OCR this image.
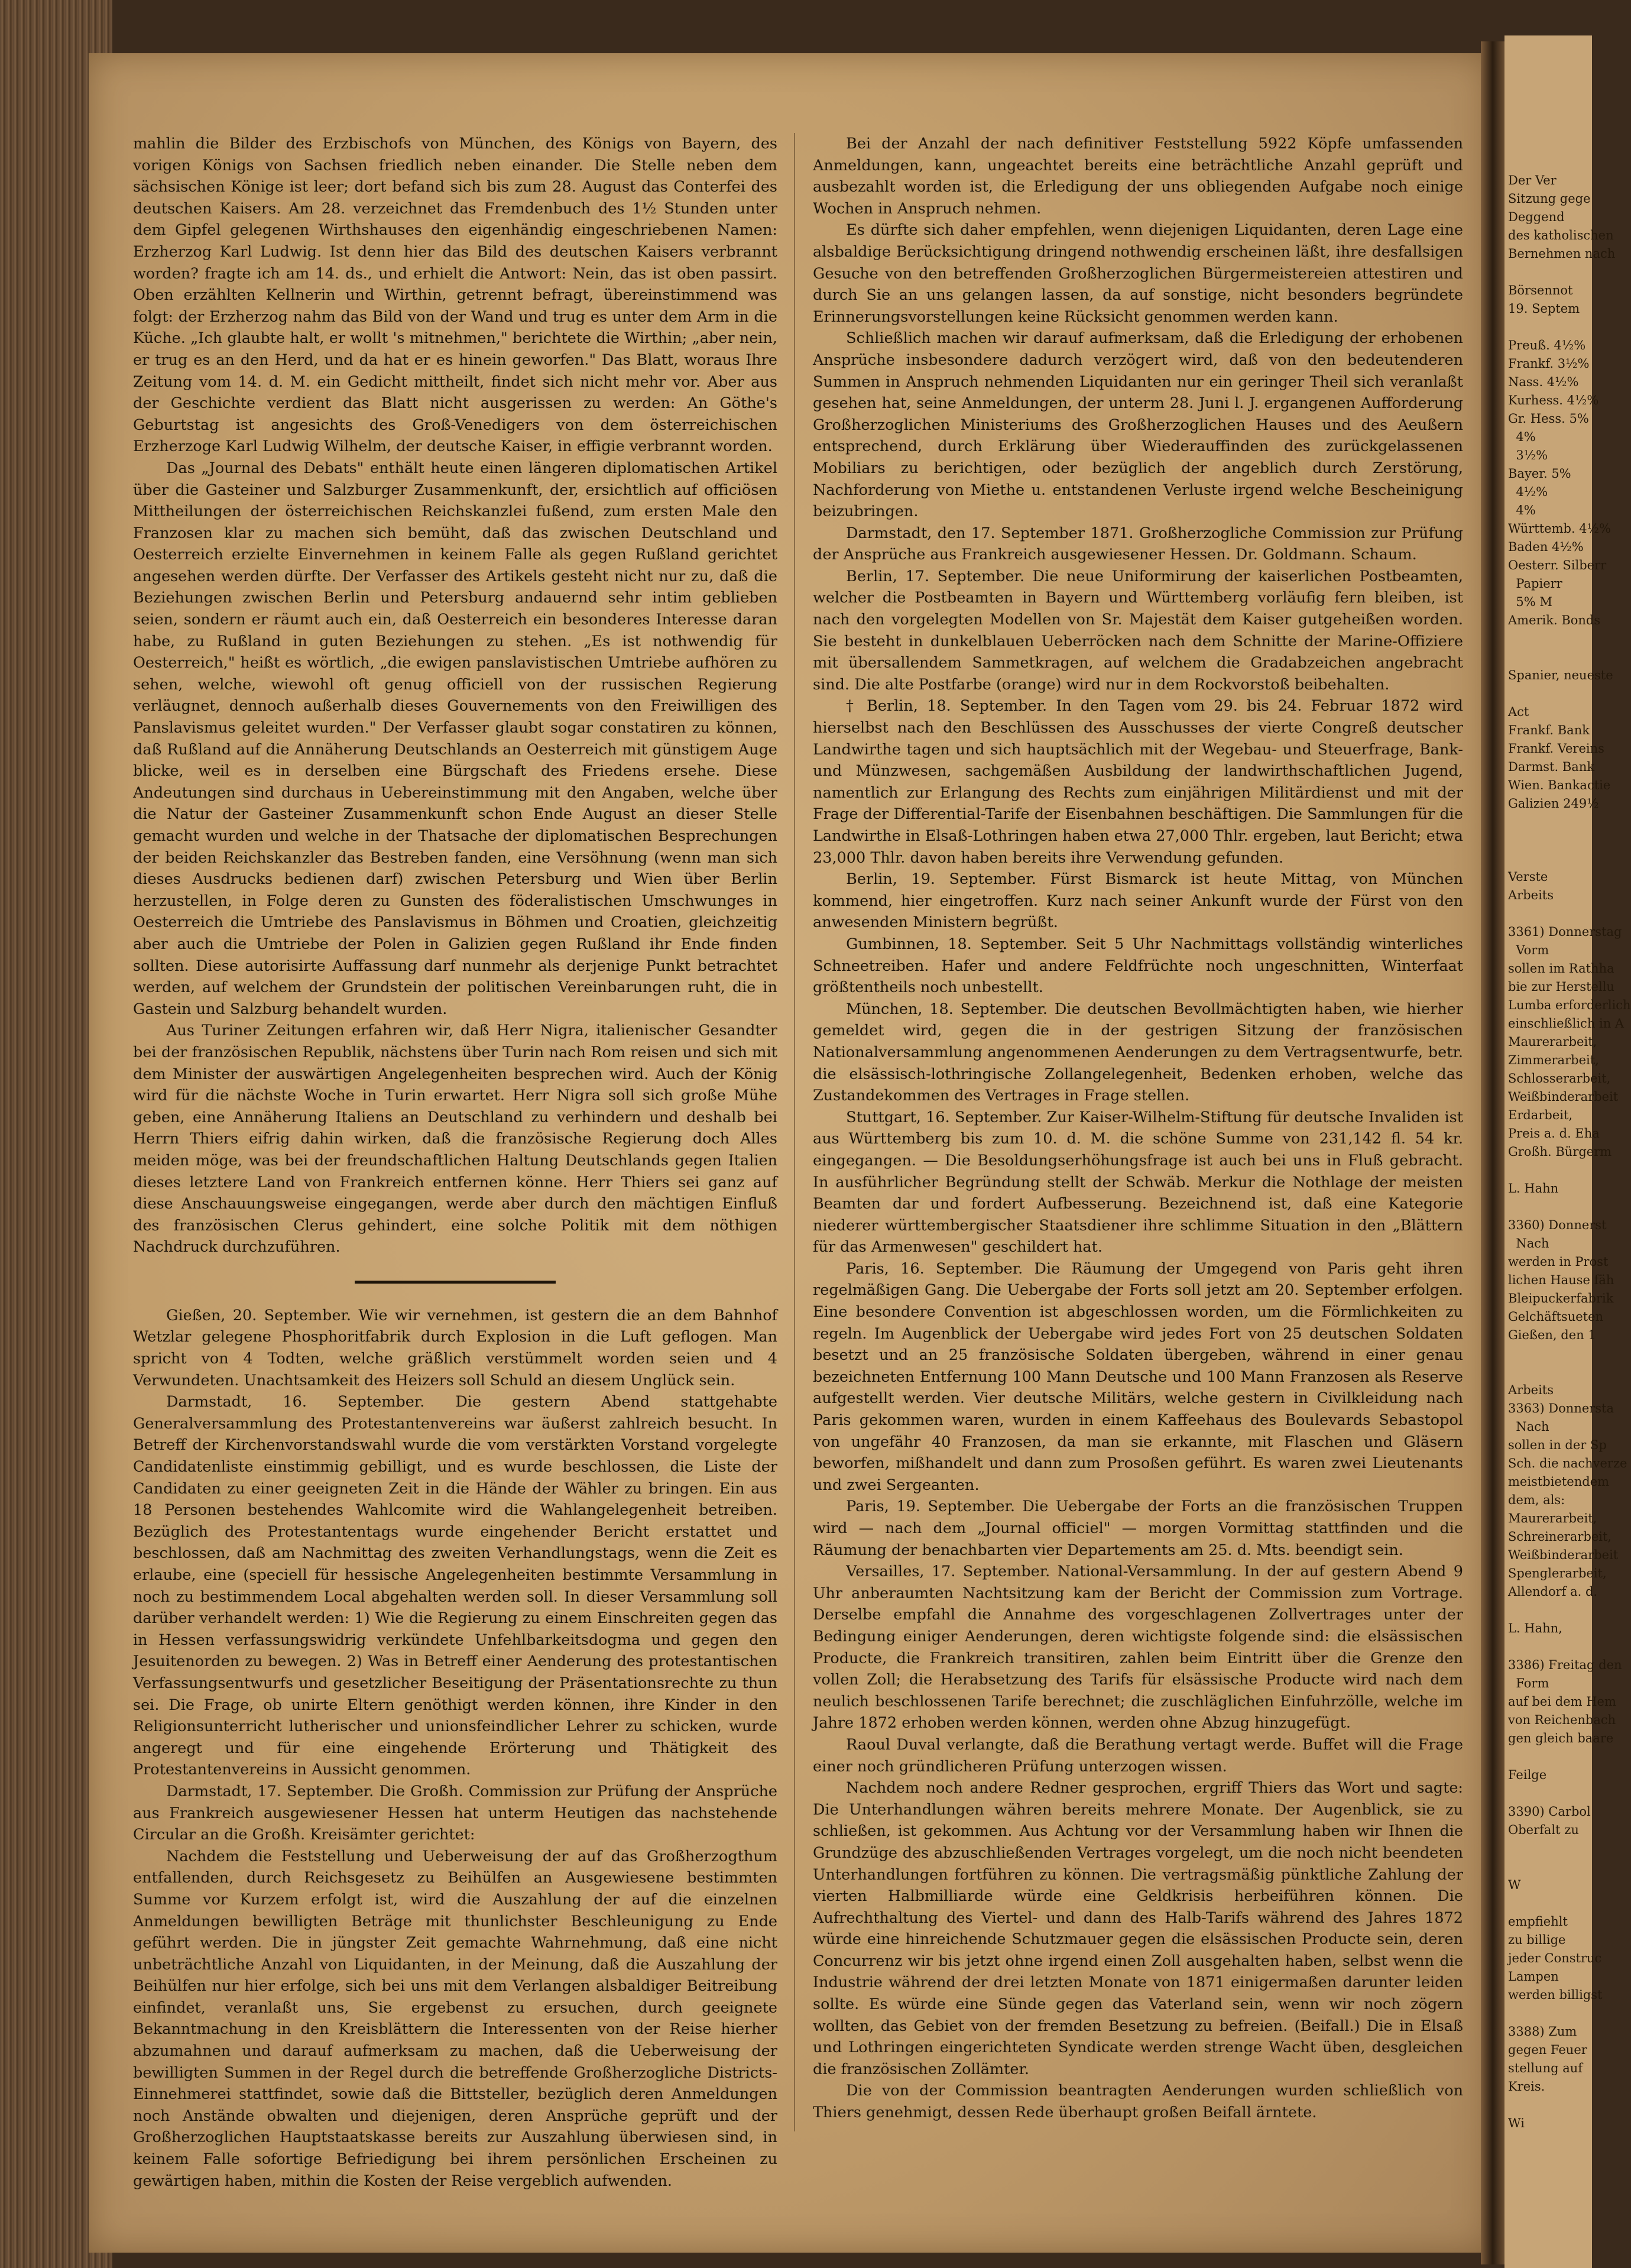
mahlin die Bilder des Erzbischofs von München, des Königs von Bayern, des vorigen Königs von Sachsen friedlich neben einander. Die Stelle neben dem sächsischen Könige ist leer; dort befand sich bis zum 28. August das Conterfei des deutschen Kaisers. Am 28. verzeichnet das Fremdenbuch des 1½ Stunden unter dem Gipfel gelegenen Wirthshauses den eigenhändig eingeschriebenen Namen: Erzherzog Karl Ludwig. Ist denn hier das Bild des deutschen Kaisers verbrannt worden? fragte ich am 14. ds., und erhielt die Antwort: Nein, das ist oben passirt. Oben erzählten Kellnerin und Wirthin, getrennt befragt, übereinstimmend was folgt: der Erzherzog nahm das Bild von der Wand und trug es unter dem Arm in die Küche. „Ich glaubte halt, er wollt 's mitnehmen," berichtete die Wirthin; „aber nein, er trug es an den Herd, und da hat er es hinein geworfen." Das Blatt, woraus Ihre Zeitung vom 14. d. M. ein Gedicht mittheilt, findet sich nicht mehr vor. Aber aus der Geschichte verdient das Blatt nicht ausgerissen zu werden: An Göthe's Geburtstag ist angesichts des Groß-Venedigers von dem österreichischen Erzherzoge Karl Ludwig Wilhelm, der deutsche Kaiser, in effigie verbrannt worden.

Das „Journal des Debats" enthält heute einen längeren diplomatischen Artikel über die Gasteiner und Salzburger Zusammenkunft, der, ersichtlich auf officiösen Mittheilungen der österreichischen Reichskanzlei fußend, zum ersten Male den Franzosen klar zu machen sich bemüht, daß das zwischen Deutschland und Oesterreich erzielte Einvernehmen in keinem Falle als gegen Rußland gerichtet angesehen werden dürfte. Der Verfasser des Artikels gesteht nicht nur zu, daß die Beziehungen zwischen Berlin und Petersburg andauernd sehr intim geblieben seien, sondern er räumt auch ein, daß Oesterreich ein besonderes Interesse daran habe, zu Rußland in guten Beziehungen zu stehen. „Es ist nothwendig für Oesterreich," heißt es wörtlich, „die ewigen panslavistischen Umtriebe aufhören zu sehen, welche, wiewohl oft genug officiell von der russischen Regierung verläugnet, dennoch außerhalb dieses Gouvernements von den Freiwilligen des Panslavismus geleitet wurden." Der Verfasser glaubt sogar constatiren zu können, daß Rußland auf die Annäherung Deutschlands an Oesterreich mit günstigem Auge blicke, weil es in derselben eine Bürgschaft des Friedens ersehe. Diese Andeutungen sind durchaus in Uebereinstimmung mit den Angaben, welche über die Natur der Gasteiner Zusammenkunft schon Ende August an dieser Stelle gemacht wurden und welche in der Thatsache der diplomatischen Besprechungen der beiden Reichskanzler das Bestreben fanden, eine Versöhnung (wenn man sich dieses Ausdrucks bedienen darf) zwischen Petersburg und Wien über Berlin herzustellen, in Folge deren zu Gunsten des föderalistischen Umschwunges in Oesterreich die Umtriebe des Panslavismus in Böhmen und Croatien, gleichzeitig aber auch die Umtriebe der Polen in Galizien gegen Rußland ihr Ende finden sollten. Diese autorisirte Auffassung darf nunmehr als derjenige Punkt betrachtet werden, auf welchem der Grundstein der politischen Vereinbarungen ruht, die in Gastein und Salzburg behandelt wurden.

Aus Turiner Zeitungen erfahren wir, daß Herr Nigra, italienischer Gesandter bei der französischen Republik, nächstens über Turin nach Rom reisen und sich mit dem Minister der auswärtigen Angelegenheiten besprechen wird. Auch der König wird für die nächste Woche in Turin erwartet. Herr Nigra soll sich große Mühe geben, eine Annäherung Italiens an Deutschland zu verhindern und deshalb bei Herrn Thiers eifrig dahin wirken, daß die französische Regierung doch Alles meiden möge, was bei der freundschaftlichen Haltung Deutschlands gegen Italien dieses letztere Land von Frankreich entfernen könne. Herr Thiers sei ganz auf diese Anschauungsweise eingegangen, werde aber durch den mächtigen Einfluß des französischen Clerus gehindert, eine solche Politik mit dem nöthigen Nachdruck durchzuführen.

Gießen, 20. September. Wie wir vernehmen, ist gestern die an dem Bahnhof Wetzlar gelegene Phosphoritfabrik durch Explosion in die Luft geflogen. Man spricht von 4 Todten, welche gräßlich verstümmelt worden seien und 4 Verwundeten. Unachtsamkeit des Heizers soll Schuld an diesem Unglück sein.

Darmstadt, 16. September. Die gestern Abend stattgehabte Generalversammlung des Protestantenvereins war äußerst zahlreich besucht. In Betreff der Kirchenvorstandswahl wurde die vom verstärkten Vorstand vorgelegte Candidatenliste einstimmig gebilligt, und es wurde beschlossen, die Liste der Candidaten zu einer geeigneten Zeit in die Hände der Wähler zu bringen. Ein aus 18 Personen bestehendes Wahlcomite wird die Wahlangelegenheit betreiben. Bezüglich des Protestantentags wurde eingehender Bericht erstattet und beschlossen, daß am Nachmittag des zweiten Verhandlungstags, wenn die Zeit es erlaube, eine (speciell für hessische Angelegenheiten bestimmte Versammlung in noch zu bestimmendem Local abgehalten werden soll. In dieser Versammlung soll darüber verhandelt werden: 1) Wie die Regierung zu einem Einschreiten gegen das in Hessen verfassungswidrig verkündete Unfehlbarkeitsdogma und gegen den Jesuitenorden zu bewegen. 2) Was in Betreff einer Aenderung des protestantischen Verfassungsentwurfs und gesetzlicher Beseitigung der Präsentationsrechte zu thun sei. Die Frage, ob unirte Eltern genöthigt werden können, ihre Kinder in den Religionsunterricht lutherischer und unionsfeindlicher Lehrer zu schicken, wurde angeregt und für eine eingehende Erörterung und Thätigkeit des Protestantenvereins in Aussicht genommen.

Darmstadt, 17. September. Die Großh. Commission zur Prüfung der Ansprüche aus Frankreich ausgewiesener Hessen hat unterm Heutigen das nachstehende Circular an die Großh. Kreisämter gerichtet:

Nachdem die Feststellung und Ueberweisung der auf das Großherzogthum entfallenden, durch Reichsgesetz zu Beihülfen an Ausgewiesene bestimmten Summe vor Kurzem erfolgt ist, wird die Auszahlung der auf die einzelnen Anmeldungen bewilligten Beträge mit thunlichster Beschleunigung zu Ende geführt werden. Die in jüngster Zeit gemachte Wahrnehmung, daß eine nicht unbeträchtliche Anzahl von Liquidanten, in der Meinung, daß die Auszahlung der Beihülfen nur hier erfolge, sich bei uns mit dem Verlangen alsbaldiger Beitreibung einfindet, veranlaßt uns, Sie ergebenst zu ersuchen, durch geeignete Bekanntmachung in den Kreisblättern die Interessenten von der Reise hierher abzumahnen und darauf aufmerksam zu machen, daß die Ueberweisung der bewilligten Summen in der Regel durch die betreffende Großherzogliche Districts-Einnehmerei stattfindet, sowie daß die Bittsteller, bezüglich deren Anmeldungen noch Anstände obwalten und diejenigen, deren Ansprüche geprüft und der Großherzoglichen Hauptstaatskasse bereits zur Auszahlung überwiesen sind, in keinem Falle sofortige Befriedigung bei ihrem persönlichen Erscheinen zu gewärtigen haben, mithin die Kosten der Reise vergeblich aufwenden.

Bei der Anzahl der nach definitiver Feststellung 5922 Köpfe umfassenden Anmeldungen, kann, ungeachtet bereits eine beträchtliche Anzahl geprüft und ausbezahlt worden ist, die Erledigung der uns obliegenden Aufgabe noch einige Wochen in Anspruch nehmen.

Es dürfte sich daher empfehlen, wenn diejenigen Liquidanten, deren Lage eine alsbaldige Berücksichtigung dringend nothwendig erscheinen läßt, ihre desfallsigen Gesuche von den betreffenden Großherzoglichen Bürgermeistereien attestiren und durch Sie an uns gelangen lassen, da auf sonstige, nicht besonders begründete Erinnerungsvorstellungen keine Rücksicht genommen werden kann.

Schließlich machen wir darauf aufmerksam, daß die Erledigung der erhobenen Ansprüche insbesondere dadurch verzögert wird, daß von den bedeutenderen Summen in Anspruch nehmenden Liquidanten nur ein geringer Theil sich veranlaßt gesehen hat, seine Anmeldungen, der unterm 28. Juni l. J. ergangenen Aufforderung Großherzoglichen Ministeriums des Großherzoglichen Hauses und des Aeußern entsprechend, durch Erklärung über Wiederauffinden des zurückgelassenen Mobiliars zu berichtigen, oder bezüglich der angeblich durch Zerstörung, Nachforderung von Miethe u. entstandenen Verluste irgend welche Bescheinigung beizubringen.

Darmstadt, den 17. September 1871. Großherzogliche Commission zur Prüfung der Ansprüche aus Frankreich ausgewiesener Hessen. Dr. Goldmann. Schaum.

Berlin, 17. September. Die neue Uniformirung der kaiserlichen Postbeamten, welcher die Postbeamten in Bayern und Württemberg vorläufig fern bleiben, ist nach den vorgelegten Modellen von Sr. Majestät dem Kaiser gutgeheißen worden. Sie besteht in dunkelblauen Ueberröcken nach dem Schnitte der Marine-Offiziere mit übersallendem Sammetkragen, auf welchem die Gradabzeichen angebracht sind. Die alte Postfarbe (orange) wird nur in dem Rockvorstoß beibehalten.

† Berlin, 18. September. In den Tagen vom 29. bis 24. Februar 1872 wird hierselbst nach den Beschlüssen des Ausschusses der vierte Congreß deutscher Landwirthe tagen und sich hauptsächlich mit der Wegebau- und Steuerfrage, Bank- und Münzwesen, sachgemäßen Ausbildung der landwirthschaftlichen Jugend, namentlich zur Erlangung des Rechts zum einjährigen Militärdienst und mit der Frage der Differential-Tarife der Eisenbahnen beschäftigen. Die Sammlungen für die Landwirthe in Elsaß-Lothringen haben etwa 27,000 Thlr. ergeben, laut Bericht; etwa 23,000 Thlr. davon haben bereits ihre Verwendung gefunden.

Berlin, 19. September. Fürst Bismarck ist heute Mittag, von München kommend, hier eingetroffen. Kurz nach seiner Ankunft wurde der Fürst von den anwesenden Ministern begrüßt.

Gumbinnen, 18. September. Seit 5 Uhr Nachmittags vollständig winterliches Schneetreiben. Hafer und andere Feldfrüchte noch ungeschnitten, Winterfaat größtentheils noch unbestellt.

München, 18. September. Die deutschen Bevollmächtigten haben, wie hierher gemeldet wird, gegen die in der gestrigen Sitzung der französischen Nationalversammlung angenommenen Aenderungen zu dem Vertragsentwurfe, betr. die elsässisch-lothringische Zollangelegenheit, Bedenken erhoben, welche das Zustandekommen des Vertrages in Frage stellen.

Stuttgart, 16. September. Zur Kaiser-Wilhelm-Stiftung für deutsche Invaliden ist aus Württemberg bis zum 10. d. M. die schöne Summe von 231,142 fl. 54 kr. eingegangen. — Die Besoldungserhöhungsfrage ist auch bei uns in Fluß gebracht. In ausführlicher Begründung stellt der Schwäb. Merkur die Nothlage der meisten Beamten dar und fordert Aufbesserung. Bezeichnend ist, daß eine Kategorie niederer württembergischer Staatsdiener ihre schlimme Situation in den „Blättern für das Armenwesen" geschildert hat.

Paris, 16. September. Die Räumung der Umgegend von Paris geht ihren regelmäßigen Gang. Die Uebergabe der Forts soll jetzt am 20. September erfolgen. Eine besondere Convention ist abgeschlossen worden, um die Förmlichkeiten zu regeln. Im Augenblick der Uebergabe wird jedes Fort von 25 deutschen Soldaten besetzt und an 25 französische Soldaten übergeben, während in einer genau bezeichneten Entfernung 100 Mann Deutsche und 100 Mann Franzosen als Reserve aufgestellt werden. Vier deutsche Militärs, welche gestern in Civilkleidung nach Paris gekommen waren, wurden in einem Kaffeehaus des Boulevards Sebastopol von ungefähr 40 Franzosen, da man sie erkannte, mit Flaschen und Gläsern beworfen, mißhandelt und dann zum Prosoßen geführt. Es waren zwei Lieutenants und zwei Sergeanten.

Paris, 19. September. Die Uebergabe der Forts an die französischen Truppen wird — nach dem „Journal officiel" — morgen Vormittag stattfinden und die Räumung der benachbarten vier Departements am 25. d. Mts. beendigt sein.

Versailles, 17. September. National-Versammlung. In der auf gestern Abend 9 Uhr anberaumten Nachtsitzung kam der Bericht der Commission zum Vortrage. Derselbe empfahl die Annahme des vorgeschlagenen Zollvertrages unter der Bedingung einiger Aenderungen, deren wichtigste folgende sind: die elsässischen Producte, die Frankreich transitiren, zahlen beim Eintritt über die Grenze den vollen Zoll; die Herabsetzung des Tarifs für elsässische Producte wird nach dem neulich beschlossenen Tarife berechnet; die zuschläglichen Einfuhrzölle, welche im Jahre 1872 erhoben werden können, werden ohne Abzug hinzugefügt.

Raoul Duval verlangte, daß die Berathung vertagt werde. Buffet will die Frage einer noch gründlicheren Prüfung unterzogen wissen.

Nachdem noch andere Redner gesprochen, ergriff Thiers das Wort und sagte: Die Unterhandlungen währen bereits mehrere Monate. Der Augenblick, sie zu schließen, ist gekommen. Aus Achtung vor der Versammlung haben wir Ihnen die Grundzüge des abzuschließenden Vertrages vorgelegt, um die noch nicht beendeten Unterhandlungen fortführen zu können. Die vertragsmäßig pünktliche Zahlung der vierten Halbmilliarde würde eine Geldkrisis herbeiführen können. Die Aufrechthaltung des Viertel- und dann des Halb-Tarifs während des Jahres 1872 würde eine hinreichende Schutzmauer gegen die elsässischen Producte sein, deren Concurrenz wir bis jetzt ohne irgend einen Zoll ausgehalten haben, selbst wenn die Industrie während der drei letzten Monate von 1871 einigermaßen darunter leiden sollte. Es würde eine Sünde gegen das Vaterland sein, wenn wir noch zögern wollten, das Gebiet von der fremden Besetzung zu befreien. (Beifall.) Die in Elsaß und Lothringen eingerichteten Syndicate werden strenge Wacht üben, desgleichen die französischen Zollämter.

Die von der Commission beantragten Aenderungen wurden schließlich von Thiers genehmigt, dessen Rede überhaupt großen Beifall ärntete.

Der Ver
Sitzung gege
Deggend
des katholischen
Bernehmen nach

Börsennot
19. Septem

Preuß. 4½%
Frankf. 3½%
Nass. 4½%
Kurhess. 4½%
Gr. Hess. 5%
4%
3½%
Bayer. 5%
4½%
4%
Württemb. 4½%
Baden 4½%
Oesterr. Silberr
Papierr
5% M
Amerik. Bonds

Spanier, neueste

Act
Frankf. Bank
Frankf. Vereins
Darmst. Bank
Wien. Bankactie
Galizien 249½

Verste
Arbeits

3361) Donnerstag
Vorm
sollen im Rathha
bie zur Herstellu
Lumba erforderlich
einschließlich in A
Maurerarbeit,
Zimmerarbeit,
Schlosserarbeit,
Weißbinderarbeit
Erdarbeit,
Preis a. d. Eha
Großh. Bürgerm

L. Hahn

3360) Donnerst
Nach
werden in Prost
lichen Hause fäh
Bleipuckerfabrik
Gelchäftsueten
Gießen, den 1

Arbeits
3363) Donnersta
Nach
sollen in der Sp
Sch. die nachverze
meistbietendem
dem, als:
Maurerarbeit,
Schreinerarbeit,
Weißbinderarbeit
Spenglerarbeit,
Allendorf a. d.

L. Hahn,

3386) Freitag den
Form
auf bei dem Hem
von Reichenbach
gen gleich baare

Feilge

3390) Carbol
Oberfalt zu

W

empfiehlt
zu billige
jeder Construc
Lampen
werden billigst

3388) Zum
gegen Feuer
stellung auf
Kreis.

Wi
